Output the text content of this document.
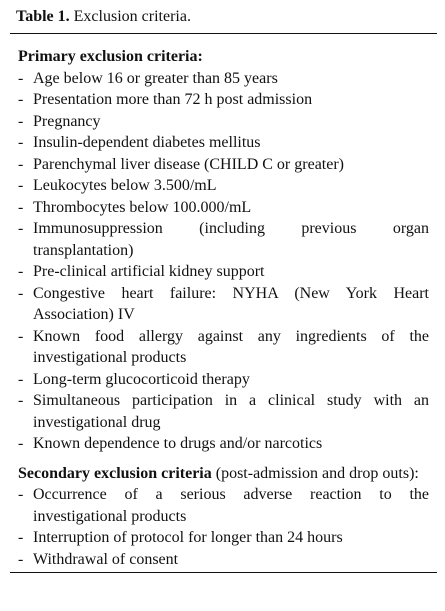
Table 1. Exclusion criteria.
Primary exclusion criteria:
- Age below 16 or greater than 85 years
- Presentation more than 72 h post admission
- Pregnancy
- Insulin-dependent diabetes mellitus
- Parenchymal liver disease (CHILD C or greater)
- Leukocytes below 3.500/mL
- Thrombocytes below 100.000/mL
- Immunosuppression (including previous organ transplantation)
- Pre-clinical artificial kidney support
- Congestive heart failure: NYHA (New York Heart Association) IV
- Known food allergy against any ingredients of the investigational products
- Long-term glucocorticoid therapy
- Simultaneous participation in a clinical study with an investigational drug
- Known dependence to drugs and/or narcotics
Secondary exclusion criteria (post-admission and drop outs):
- Occurrence of a serious adverse reaction to the investigational products
- Interruption of protocol for longer than 24 hours
- Withdrawal of consent
